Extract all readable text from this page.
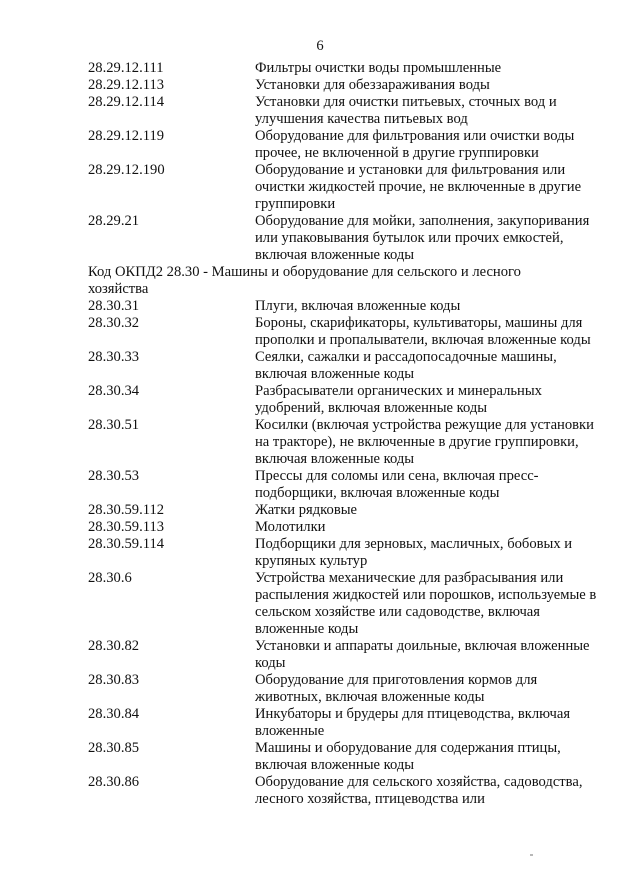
6
28.29.12.111	Фильтры очистки воды промышленные
28.29.12.113	Установки для обеззараживания воды
28.29.12.114	Установки для очистки питьевых, сточных вод и улучшения качества питьевых вод
28.29.12.119	Оборудование для фильтрования или очистки воды прочее, не включенной в другие группировки
28.29.12.190	Оборудование и установки для фильтрования или очистки жидкостей прочие, не включенные в другие группировки
28.29.21	Оборудование для мойки, заполнения, закупоривания или упаковывания бутылок или прочих емкостей, включая вложенные коды
Код ОКПД2 28.30 - Машины и оборудование для сельского и лесного хозяйства
28.30.31	Плуги, включая вложенные коды
28.30.32	Бороны, скарификаторы, культиваторы, машины для прополки и пропалыватели, включая вложенные коды
28.30.33	Сеялки, сажалки и рассадопосадочные машины, включая вложенные коды
28.30.34	Разбрасыватели органических и минеральных удобрений, включая вложенные коды
28.30.51	Косилки (включая устройства режущие для установки на тракторе), не включенные в другие группировки, включая вложенные коды
28.30.53	Прессы для соломы или сена, включая пресс-подборщики, включая вложенные коды
28.30.59.112	Жатки рядковые
28.30.59.113	Молотилки
28.30.59.114	Подборщики для зерновых, масличных, бобовых и крупяных культур
28.30.6	Устройства механические для разбрасывания или распыления жидкостей или порошков, используемые в сельском хозяйстве или садоводстве, включая вложенные коды
28.30.82	Установки и аппараты доильные, включая вложенные коды
28.30.83	Оборудование для приготовления кормов для животных, включая вложенные коды
28.30.84	Инкубаторы и брудеры для птицеводства, включая вложенные
28.30.85	Машины и оборудование для содержания птицы, включая вложенные коды
28.30.86	Оборудование для сельского хозяйства, садоводства, лесного хозяйства, птицеводства или
